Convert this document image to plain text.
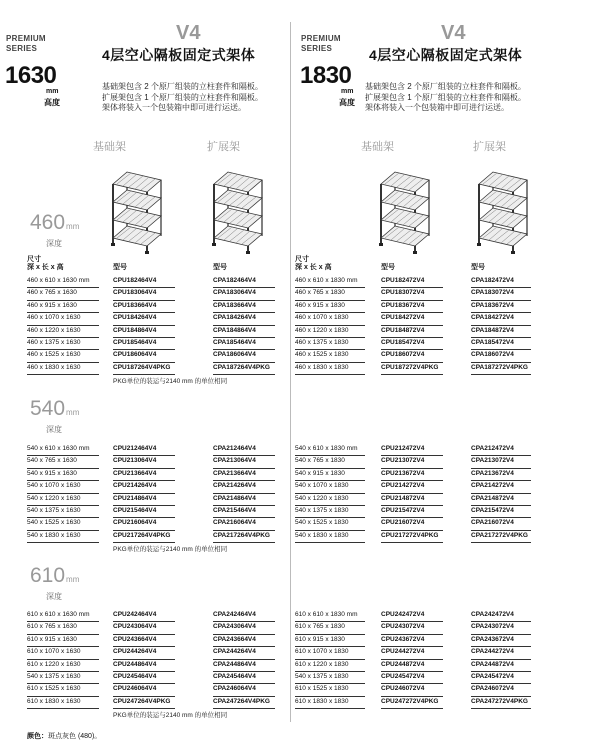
PREMIUM
SERIES
1630
mm
高度
V4
4层空心隔板固定式架体
基础架包含 2 个原厂组装的立柱套件和隔板。
扩展架包含 1 个原厂组装的立柱套件和隔板。
架体将装入一个包装箱中即可进行运送。
基础架	扩展架
尺寸
深 x 长 x 高	型号	型号
460mm
深度
460 x 610 x 1630 mm	CPU182464V4	CPA182464V4
460 x 765 x 1630	CPU183064V4	CPA183064V4
460 x 915 x 1630	CPU183664V4	CPA183664V4
460 x 1070 x 1630	CPU184264V4	CPA184264V4
460 x 1220 x 1630	CPU184864V4	CPA184864V4
460 x 1375 x 1630	CPU185464V4	CPA185464V4
460 x 1525 x 1630	CPU186064V4	CPA186064V4
460 x 1830 x 1630	CPU187264V4PKG	CPA187264V4PKG
PKG单位的装运与2140 mm 的单位相同
540mm
深度
540 x 610 x 1630 mm	CPU212464V4	CPA212464V4
540 x 765 x 1630	CPU213064V4	CPA213064V4
540 x 915 x 1630	CPU213664V4	CPA213664V4
540 x 1070 x 1630	CPU214264V4	CPA214264V4
540 x 1220 x 1630	CPU214864V4	CPA214864V4
540 x 1375 x 1630	CPU215464V4	CPA215464V4
540 x 1525 x 1630	CPU216064V4	CPA216064V4
540 x 1830 x 1630	CPU217264V4PKG	CPA217264V4PKG
PKG单位的装运与2140 mm 的单位相同
610mm
深度
610 x 610 x 1630 mm	CPU242464V4	CPA242464V4
610 x 765 x 1630	CPU243064V4	CPA243064V4
610 x 915 x 1630	CPU243664V4	CPA243664V4
610 x 1070 x 1630	CPU244264V4	CPA244264V4
610 x 1220 x 1630	CPU244864V4	CPA244864V4
540 x 1375 x 1630	CPU245464V4	CPA245464V4
610 x 1525 x 1630	CPU246064V4	CPA246064V4
610 x 1830 x 1630	CPU247264V4PKG	CPA247264V4PKG
PKG单位的装运与2140 mm 的单位相同
PREMIUM
SERIES
1830
mm
高度
V4
4层空心隔板固定式架体
基础架包含 2 个原厂组装的立柱套件和隔板。
扩展架包含 1 个原厂组装的立柱套件和隔板。
架体将装入一个包装箱中即可进行运送。
基础架	扩展架
尺寸
深 x 长 x 高	型号	型号
460 x 610 x 1830 mm	CPU182472V4	CPA182472V4
460 x 765 x 1830	CPU183072V4	CPA183072V4
460 x 915 x 1830	CPU183672V4	CPA183672V4
460 x 1070 x 1830	CPU184272V4	CPA184272V4
460 x 1220 x 1830	CPU184872V4	CPA184872V4
460 x 1375 x 1830	CPU185472V4	CPA185472V4
460 x 1525 x 1830	CPU186072V4	CPA186072V4
460 x 1830 x 1830	CPU187272V4PKG	CPA187272V4PKG
540 x 610 x 1830 mm	CPU212472V4	CPA212472V4
540 x 765 x 1830	CPU213072V4	CPA213072V4
540 x 915 x 1830	CPU213672V4	CPA213672V4
540 x 1070 x 1830	CPU214272V4	CPA214272V4
540 x 1220 x 1830	CPU214872V4	CPA214872V4
540 x 1375 x 1830	CPU215472V4	CPA215472V4
540 x 1525 x 1830	CPU216072V4	CPA216072V4
540 x 1830 x 1830	CPU217272V4PKG	CPA217272V4PKG
610 x 610 x 1830 mm	CPU242472V4	CPA242472V4
610 x 765 x 1830	CPU243072V4	CPA243072V4
610 x 915 x 1830	CPU243672V4	CPA243672V4
610 x 1070 x 1830	CPU244272V4	CPA244272V4
610 x 1220 x 1830	CPU244872V4	CPA244872V4
540 x 1375 x 1830	CPU245472V4	CPA245472V4
610 x 1525 x 1830	CPU246072V4	CPA246072V4
610 x 1830 x 1830	CPU247272V4PKG	CPA247272V4PKG
颜色：斑点灰色 (480)。
